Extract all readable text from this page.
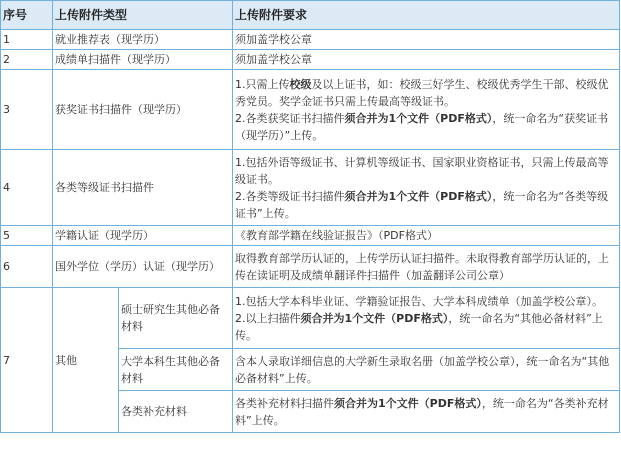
序号	上传附件类型		上传附件要求
1	就业推荐表（现学历）		须加盖学校公章
2	成绩单扫描件（现学历）		须加盖学校公章
3	获奖证书扫描件（现学历）		1.只需上传校级及以上证书，如：校级三好学生、校级优秀学生干部、校级优秀党员。奖学金证书只需上传最高等级证书。
2.各类获奖证书扫描件须合并为1个文件（PDF格式），统一命名为“获奖证书（现学历）”上传。
4	各类等级证书扫描件		1.包括外语等级证书、计算机等级证书、国家职业资格证书，只需上传最高等级证书。
2.各类等级证书扫描件须合并为1个文件（PDF格式），统一命名为“各类等级证书”上传。
5	学籍认证（现学历）		《教育部学籍在线验证报告》（PDF格式）
6	国外学位（学历）认证（现学历）		取得教育部学历认证的，上传学历认证扫描件。未取得教育部学历认证的，上传在读证明及成绩单翻译件扫描件（加盖翻译公司公章）
7	其他	硕士研究生其他必备材料	1.包括大学本科毕业证、学籍验证报告、大学本科成绩单（加盖学校公章）。
2.以上扫描件须合并为1个文件（PDF格式），统一命名为“其他必备材料”上传。
		大学本科生其他必备材料	含本人录取详细信息的大学新生录取名册（加盖学校公章），统一命名为“其他必备材料”上传。
		各类补充材料	各类补充材料扫描件须合并为1个文件（PDF格式），统一命名为“各类补充材料”上传。
